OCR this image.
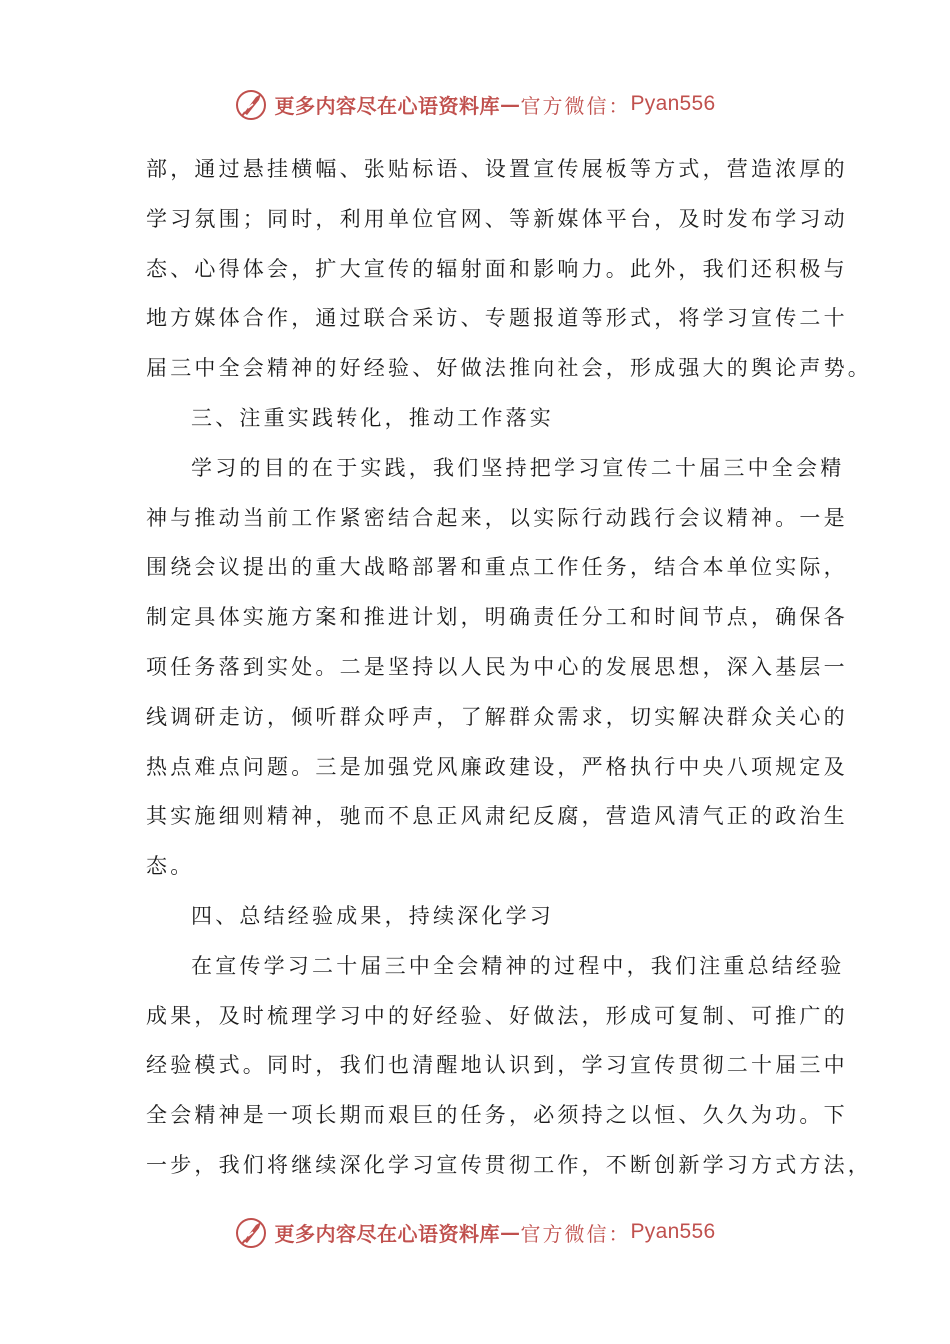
更多内容尽在心语资料库 — 官方微信： Pyan556
部，通过悬挂横幅、张贴标语、设置宣传展板等方式，营造浓厚的
学习氛围；同时，利用单位官网、等新媒体平台，及时发布学习动
态、心得体会，扩大宣传的辐射面和影响力。此外，我们还积极与
地方媒体合作，通过联合采访、专题报道等形式，将学习宣传二十
届三中全会精神的好经验、好做法推向社会，形成强大的舆论声势。
三、注重实践转化，推动工作落实
学习的目的在于实践，我们坚持把学习宣传二十届三中全会精
神与推动当前工作紧密结合起来，以实际行动践行会议精神。一是
围绕会议提出的重大战略部署和重点工作任务，结合本单位实际，
制定具体实施方案和推进计划，明确责任分工和时间节点，确保各
项任务落到实处。二是坚持以人民为中心的发展思想，深入基层一
线调研走访，倾听群众呼声，了解群众需求，切实解决群众关心的
热点难点问题。三是加强党风廉政建设，严格执行中央八项规定及
其实施细则精神，驰而不息正风肃纪反腐，营造风清气正的政治生
态。
四、总结经验成果，持续深化学习
在宣传学习二十届三中全会精神的过程中，我们注重总结经验
成果，及时梳理学习中的好经验、好做法，形成可复制、可推广的
经验模式。同时，我们也清醒地认识到，学习宣传贯彻二十届三中
全会精神是一项长期而艰巨的任务，必须持之以恒、久久为功。下
一步，我们将继续深化学习宣传贯彻工作，不断创新学习方式方法，
更多内容尽在心语资料库 — 官方微信： Pyan556
